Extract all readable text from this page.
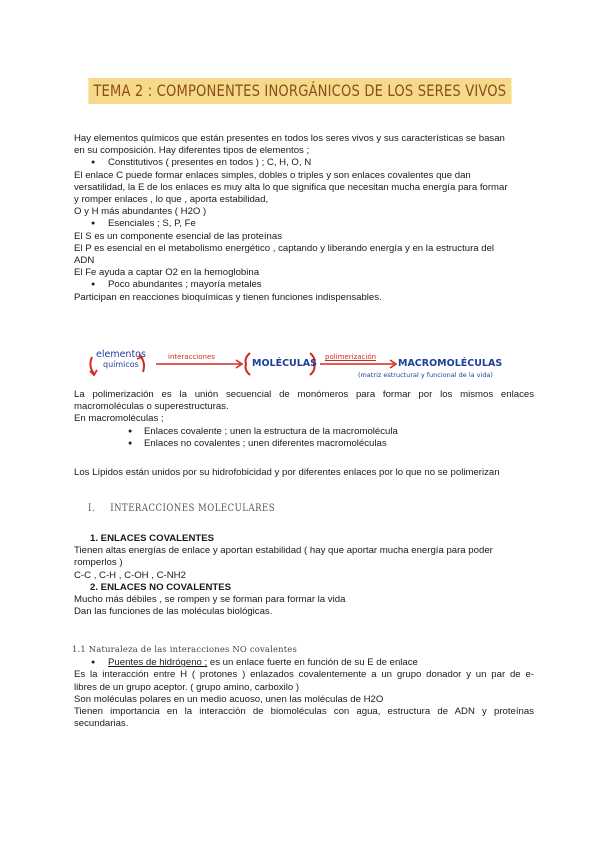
TEMA 2 : COMPONENTES INORGÁNICOS DE LOS SERES VIVOS

Hay elementos químicos que están presentes en todos los seres vivos y sus características se basan

en su composición. Hay diferentes tipos de elementos ;

● Constitutivos ( presentes en todos ) ; C, H, O, N

El enlace C puede formar enlaces simples, dobles o triples y son enlaces covalentes que dan

versatilidad, la E de los enlaces es muy alta lo que significa que necesitan mucha energía para formar

y romper enlaces , lo que , aporta estabilidad,

O y H más abundantes ( H2O )

● Esenciales ; S, P, Fe

El S es un componente esencial de las proteínas

El P es esencial en el metabolismo energético , captando y liberando energía y en la estructura del

ADN

El Fe ayuda a captar O2 en la hemoglobina

● Poco abundantes ; mayoría metales

Participan en reacciones bioquímicas y tienen funciones indispensables.

elementos
químicos
interacciones
MOLÉCULAS
polimerización
MACROMOLÉCULAS
(matriz estructural y funcional de la vida)

La polimerización es la unión secuencial de monómeros para formar por los mismos enlaces

macromoléculas o superestructuras.

En macromoléculas ;

● Enlaces covalente ; unen la estructura de la macromolécula

● Enlaces no covalentes ; unen diferentes macromoléculas

Los Lípidos están unidos por su hidrofobicidad y por diferentes enlaces por lo que no se polimerizan

I. INTERACCIONES MOLECULARES

1. ENLACES COVALENTES

Tienen altas energías de enlace y aportan estabilidad ( hay que aportar mucha energía para poder

romperlos )

C-C , C-H , C-OH , C-NH2

2. ENLACES NO COVALENTES

Mucho más débiles , se rompen y se forman para formar la vida

Dan las funciones de las moléculas biológicas.

1.1 Naturaleza de las interacciones NO covalentes

● Puentes de hidrógeno ; es un enlace fuerte en función de su E de enlace

Es la interacción entre H ( protones ) enlazados covalentemente a un grupo donador y un par de e-

libres de un grupo aceptor. ( grupo amino, carboxilo )

Son moléculas polares en un medio acuoso, unen las moléculas de H2O

Tienen importancia en la interacción de biomoléculas con agua, estructura de ADN y proteínas

secundarias.
